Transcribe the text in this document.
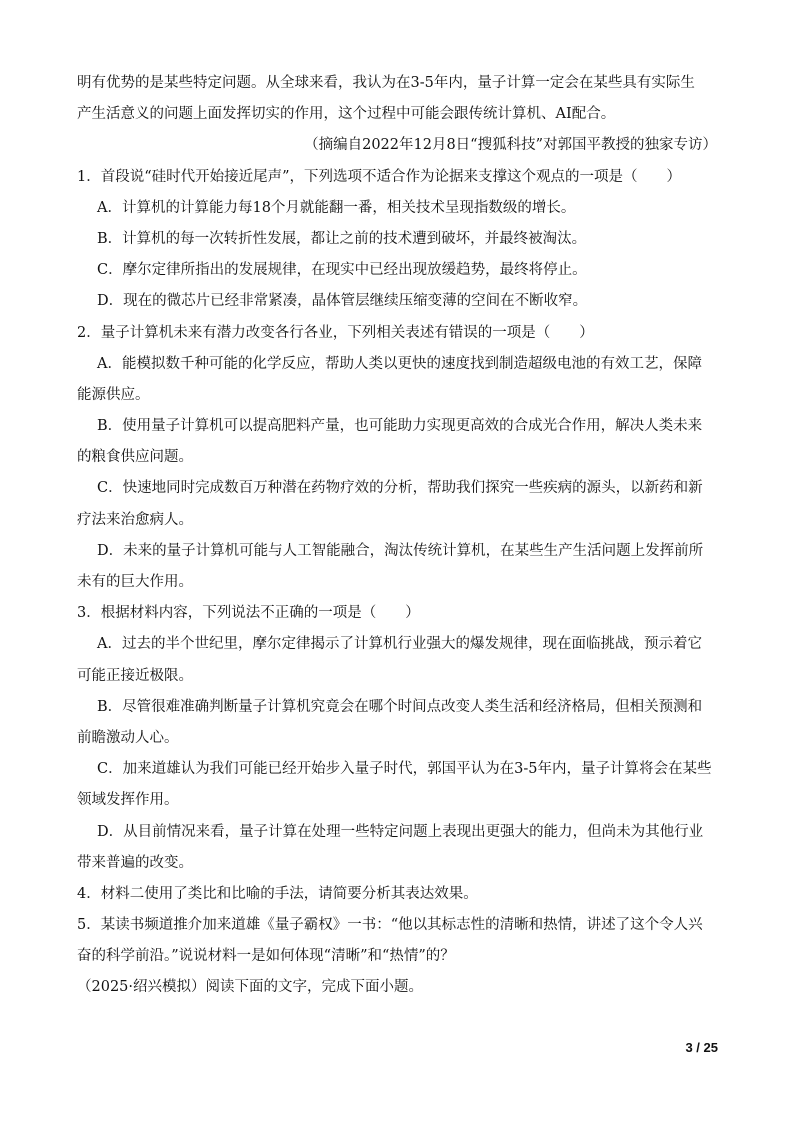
明有优势的是某些特定问题。从全球来看，我认为在3-5年内，量子计算一定会在某些具有实际生
产生活意义的问题上面发挥切实的作用，这个过程中可能会跟传统计算机、AI配合。
（摘编自2022年12月8日“搜狐科技”对郭国平教授的独家专访）
1．首段说“硅时代开始接近尾声”，下列选项不适合作为论据来支撑这个观点的一项是（　　）
A．计算机的计算能力每18个月就能翻一番，相关技术呈现指数级的增长。
B．计算机的每一次转折性发展，都让之前的技术遭到破坏，并最终被淘汰。
C．摩尔定律所指出的发展规律，在现实中已经出现放缓趋势，最终将停止。
D．现在的微芯片已经非常紧凑，晶体管层继续压缩变薄的空间在不断收窄。
2．量子计算机未来有潜力改变各行各业，下列相关表述有错误的一项是（　　）
A．能模拟数千种可能的化学反应，帮助人类以更快的速度找到制造超级电池的有效工艺，保障
能源供应。
B．使用量子计算机可以提高肥料产量，也可能助力实现更高效的合成光合作用，解决人类未来
的粮食供应问题。
C．快速地同时完成数百万种潜在药物疗效的分析，帮助我们探究一些疾病的源头，以新药和新
疗法来治愈病人。
D．未来的量子计算机可能与人工智能融合，淘汰传统计算机，在某些生产生活问题上发挥前所
未有的巨大作用。
3．根据材料内容，下列说法不正确的一项是（　　）
A．过去的半个世纪里，摩尔定律揭示了计算机行业强大的爆发规律，现在面临挑战，预示着它
可能正接近极限。
B．尽管很难准确判断量子计算机究竟会在哪个时间点改变人类生活和经济格局，但相关预测和
前瞻激动人心。
C．加来道雄认为我们可能已经开始步入量子时代，郭国平认为在3-5年内，量子计算将会在某些
领域发挥作用。
D．从目前情况来看，量子计算在处理一些特定问题上表现出更强大的能力，但尚未为其他行业
带来普遍的改变。
4．材料二使用了类比和比喻的手法，请简要分析其表达效果。
5．某读书频道推介加来道雄《量子霸权》一书：“他以其标志性的清晰和热情，讲述了这个令人兴
奋的科学前沿。”说说材料一是如何体现“清晰”和“热情”的？
（2025·绍兴模拟）阅读下面的文字，完成下面小题。
3 / 25
